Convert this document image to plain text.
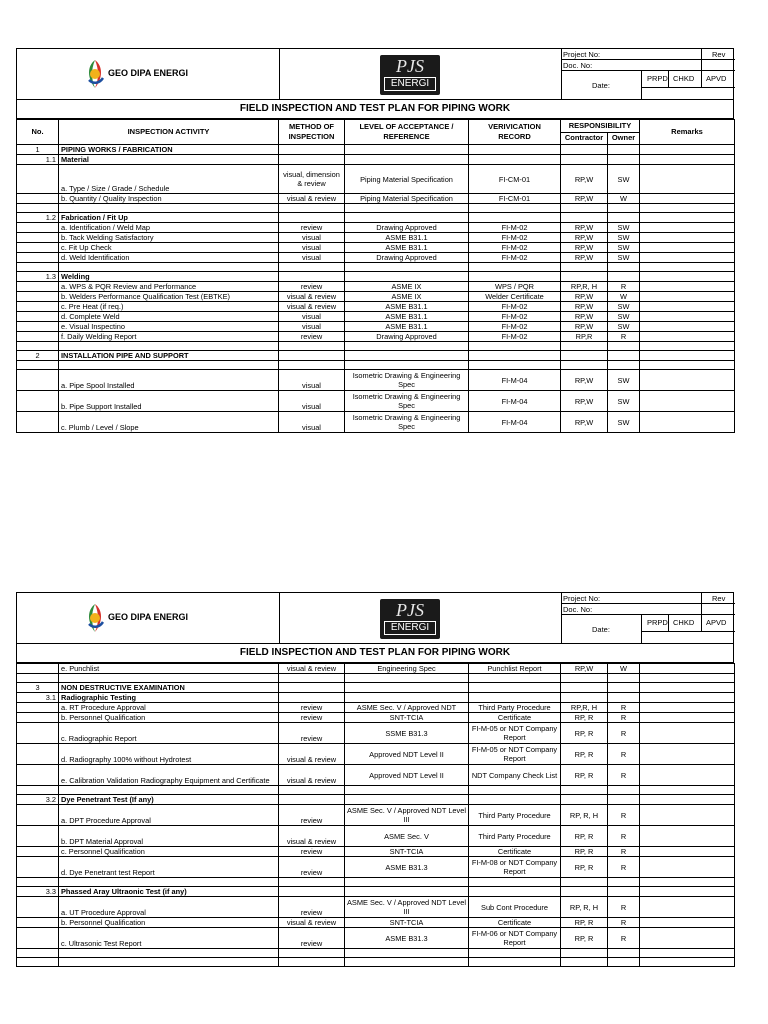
GEO DIPA ENERGI	PJS
ENERGI
Project No:	Rev
Doc. No:
Date:
PRPD CHKD APVD
FIELD INSPECTION AND TEST PLAN FOR PIPING WORK
No.	INSPECTION ACTIVITY	METHOD OF INSPECTION	LEVEL OF ACCEPTANCE / REFERENCE	VERIVICATION RECORD	RESPONSIBILITY		Remarks
					Contractor	Owner	
1	PIPING WORKS / FABRICATION						
1.1	Material						
	a. Type / Size / Grade / Schedule	visual, dimension & review	Piping Material Specification	FI-CM-01	RP,W	SW	
	b. Quantity / Quality Inspection	visual & review	Piping Material Specification	FI-CM-01	RP,W	W	

1.2	Fabrication / Fit Up						
	a. Identification / Weld Map	review	Drawing Approved	FI-M-02	RP,W	SW	
	b. Tack Welding Satisfactory	visual	ASME B31.1	FI-M-02	RP,W	SW	
	c. Fit Up Check	visual	ASME B31.1	FI-M-02	RP,W	SW	
	d. Weld Identification	visual	Drawing Approved	FI-M-02	RP,W	SW	

1.3	Welding						
	a. WPS & PQR Review and Performance	review	ASME IX	WPS / PQR	RP,R, H	R	
	b. Welders Performance Qualification Test (EBTKE)	visual & review	ASME IX	Welder Certificate	RP,W	W	
	c. Pre Heat (if req.)	visual & review	ASME B31.1	FI-M-02	RP,W	SW	
	d. Complete Weld	visual	ASME B31.1	FI-M-02	RP,W	SW	
	e. Visual Inspectino	visual	ASME B31.1	FI-M-02	RP,W	SW	
	f. Daily Welding Report	review	Drawing Approved	FI-M-02	RP,R	R	

2	INSTALLATION PIPE AND SUPPORT						

	a. Pipe Spool Installed	visual	Isometric Drawing & Engineering Spec	FI-M-04	RP,W	SW	
	b. Pipe Support Installed	visual	Isometric Drawing & Engineering Spec	FI-M-04	RP,W	SW	
	c. Plumb / Level / Slope	visual	Isometric Drawing & Engineering Spec	FI-M-04	RP,W	SW	
GEO DIPA ENERGI	PJS
ENERGI
Project No:	Rev
Doc. No:
Date:
PRPD CHKD APVD
FIELD INSPECTION AND TEST PLAN FOR PIPING WORK
	e. Punchlist	visual & review	Engineering Spec	Punchlist Report	RP,W	W	

3	NON DESTRUCTIVE EXAMINATION						
3.1	Radiographic Testing						
	a. RT Procedure Approval	review	ASME Sec. V / Approved NDT	Third Party Procedure	RP,R, H	R	
	b. Personnel Qualification	review	SNT-TCIA	Certificate	RP, R	R	
	c. Radiographic Report	review	SSME B31.3	FI-M-05 or NDT Company Report	RP, R	R	
	d. Radiography 100% without Hydrotest	visual & review	Approved NDT Level II	FI-M-05 or NDT Company Report	RP, R	R	
	e. Calibration Validation Radiography Equipment and Certificate	visual & review	Approved NDT Level II	NDT Company Check List	RP, R	R	

3.2	Dye Penetrant Test (If any)						
	a. DPT Procedure Approval	review	ASME Sec. V / Approved NDT Level III	Third Party Procedure	RP, R, H	R	
	b. DPT Material Approval	visual & review	ASME Sec. V	Third Party Procedure	RP, R	R	
	c. Personnel Qualification	review	SNT-TCIA	Certificate	RP, R	R	
	d. Dye Penetrant test Report	review	ASME B31.3	FI-M-08 or NDT Company Report	RP, R	R	

3.3	Phassed Aray Ultraonic Test (if any)						
	a. UT Procedure Approval	review	ASME Sec. V / Approved NDT Level III	Sub Cont Procedure	RP, R, H	R	
	b. Personnel Qualification	visual & review	SNT-TCIA	Certificate	RP, R	R	
	c. Ultrasonic Test Report	review	ASME B31.3	FI-M-06 or NDT Company Report	RP, R	R	
